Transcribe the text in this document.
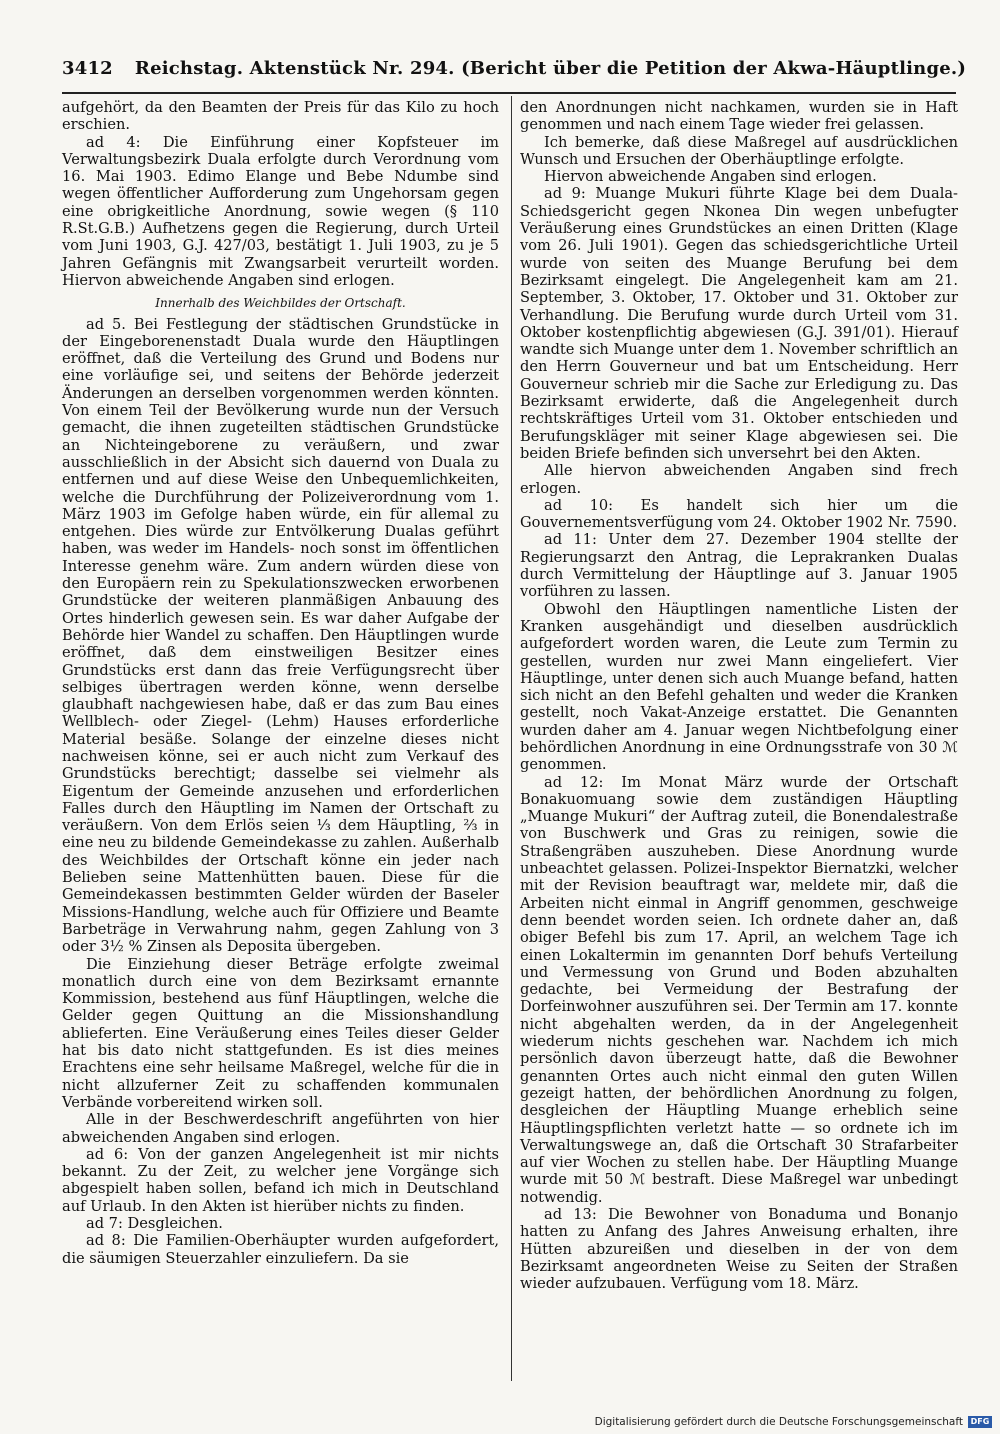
3412 Reichstag. Aktenstück Nr. 294. (Bericht über die Petition der Akwa-Häuptlinge.)

aufgehört, da den Beamten der Preis für das Kilo zu hoch erschien.

ad 4: Die Einführung einer Kopfsteuer im Verwaltungsbezirk Duala erfolgte durch Verordnung vom 16. Mai 1903. Edimo Elange und Bebe Ndumbe sind wegen öffentlicher Aufforderung zum Ungehorsam gegen eine obrigkeitliche Anordnung, sowie wegen (§ 110 R.St.G.B.) Aufhetzens gegen die Regierung, durch Urteil vom Juni 1903, G.J. 427/03, bestätigt 1. Juli 1903, zu je 5 Jahren Gefängnis mit Zwangsarbeit verurteilt worden. Hiervon abweichende Angaben sind erlogen.

Innerhalb des Weichbildes der Ortschaft.

ad 5. Bei Festlegung der städtischen Grundstücke in der Eingeborenenstadt Duala wurde den Häuptlingen eröffnet, daß die Verteilung des Grund und Bodens nur eine vorläufige sei, und seitens der Behörde jederzeit Änderungen an derselben vorgenommen werden könnten. Von einem Teil der Bevölkerung wurde nun der Versuch gemacht, die ihnen zugeteilten städtischen Grundstücke an Nichteingeborene zu veräußern, und zwar ausschließlich in der Absicht sich dauernd von Duala zu entfernen und auf diese Weise den Unbequemlichkeiten, welche die Durchführung der Polizeiverordnung vom 1. März 1903 im Gefolge haben würde, ein für allemal zu entgehen. Dies würde zur Entvölkerung Dualas geführt haben, was weder im Handels- noch sonst im öffentlichen Interesse genehm wäre. Zum andern würden diese von den Europäern rein zu Spekulationszwecken erworbenen Grundstücke der weiteren planmäßigen Anbauung des Ortes hinderlich gewesen sein. Es war daher Aufgabe der Behörde hier Wandel zu schaffen. Den Häuptlingen wurde eröffnet, daß dem einstweiligen Besitzer eines Grundstücks erst dann das freie Verfügungsrecht über selbiges übertragen werden könne, wenn derselbe glaubhaft nachgewiesen habe, daß er das zum Bau eines Wellblech- oder Ziegel- (Lehm) Hauses erforderliche Material besäße. Solange der einzelne dieses nicht nachweisen könne, sei er auch nicht zum Verkauf des Grundstücks berechtigt; dasselbe sei vielmehr als Eigentum der Gemeinde anzusehen und erforderlichen Falles durch den Häuptling im Namen der Ortschaft zu veräußern. Von dem Erlös seien ⅓ dem Häuptling, ⅔ in eine neu zu bildende Gemeindekasse zu zahlen. Außerhalb des Weichbildes der Ortschaft könne ein jeder nach Belieben seine Mattenhütten bauen. Diese für die Gemeindekassen bestimmten Gelder würden der Baseler Missions-Handlung, welche auch für Offiziere und Beamte Barbeträge in Verwahrung nahm, gegen Zahlung von 3 oder 3½ % Zinsen als Deposita übergeben.

Die Einziehung dieser Beträge erfolgte zweimal monatlich durch eine von dem Bezirksamt ernannte Kommission, bestehend aus fünf Häuptlingen, welche die Gelder gegen Quittung an die Missionshandlung ablieferten. Eine Veräußerung eines Teiles dieser Gelder hat bis dato nicht stattgefunden. Es ist dies meines Erachtens eine sehr heilsame Maßregel, welche für die in nicht allzuferner Zeit zu schaffenden kommunalen Verbände vorbereitend wirken soll.

Alle in der Beschwerdeschrift angeführten von hier abweichenden Angaben sind erlogen.

ad 6: Von der ganzen Angelegenheit ist mir nichts bekannt. Zu der Zeit, zu welcher jene Vorgänge sich abgespielt haben sollen, befand ich mich in Deutschland auf Urlaub. In den Akten ist hierüber nichts zu finden.

ad 7: Desgleichen.

ad 8: Die Familien-Oberhäupter wurden aufgefordert, die säumigen Steuerzahler einzuliefern. Da sie

den Anordnungen nicht nachkamen, wurden sie in Haft genommen und nach einem Tage wieder frei gelassen.

Ich bemerke, daß diese Maßregel auf ausdrücklichen Wunsch und Ersuchen der Oberhäuptlinge erfolgte.

Hiervon abweichende Angaben sind erlogen.

ad 9: Muange Mukuri führte Klage bei dem Duala-Schiedsgericht gegen Nkonea Din wegen unbefugter Veräußerung eines Grundstückes an einen Dritten (Klage vom 26. Juli 1901). Gegen das schiedsgerichtliche Urteil wurde von seiten des Muange Berufung bei dem Bezirksamt eingelegt. Die Angelegenheit kam am 21. September, 3. Oktober, 17. Oktober und 31. Oktober zur Verhandlung. Die Berufung wurde durch Urteil vom 31. Oktober kostenpflichtig abgewiesen (G.J. 391/01). Hierauf wandte sich Muange unter dem 1. November schriftlich an den Herrn Gouverneur und bat um Entscheidung. Herr Gouverneur schrieb mir die Sache zur Erledigung zu. Das Bezirksamt erwiderte, daß die Angelegenheit durch rechtskräftiges Urteil vom 31. Oktober entschieden und Berufungskläger mit seiner Klage abgewiesen sei. Die beiden Briefe befinden sich unversehrt bei den Akten.

Alle hiervon abweichenden Angaben sind frech erlogen.

ad 10: Es handelt sich hier um die Gouvernementsverfügung vom 24. Oktober 1902 Nr. 7590.

ad 11: Unter dem 27. Dezember 1904 stellte der Regierungsarzt den Antrag, die Leprakranken Dualas durch Vermittelung der Häuptlinge auf 3. Januar 1905 vorführen zu lassen.

Obwohl den Häuptlingen namentliche Listen der Kranken ausgehändigt und dieselben ausdrücklich aufgefordert worden waren, die Leute zum Termin zu gestellen, wurden nur zwei Mann eingeliefert. Vier Häuptlinge, unter denen sich auch Muange befand, hatten sich nicht an den Befehl gehalten und weder die Kranken gestellt, noch Vakat-Anzeige erstattet. Die Genannten wurden daher am 4. Januar wegen Nichtbefolgung einer behördlichen Anordnung in eine Ordnungsstrafe von 30 ℳ genommen.

ad 12: Im Monat März wurde der Ortschaft Bonakuomuang sowie dem zuständigen Häuptling „Muange Mukuri“ der Auftrag zuteil, die Bonendalestraße von Buschwerk und Gras zu reinigen, sowie die Straßengräben auszuheben. Diese Anordnung wurde unbeachtet gelassen. Polizei-Inspektor Biernatzki, welcher mit der Revision beauftragt war, meldete mir, daß die Arbeiten nicht einmal in Angriff genommen, geschweige denn beendet worden seien. Ich ordnete daher an, daß obiger Befehl bis zum 17. April, an welchem Tage ich einen Lokaltermin im genannten Dorf behufs Verteilung und Vermessung von Grund und Boden abzuhalten gedachte, bei Vermeidung der Bestrafung der Dorfeinwohner auszuführen sei. Der Termin am 17. konnte nicht abgehalten werden, da in der Angelegenheit wiederum nichts geschehen war. Nachdem ich mich persönlich davon überzeugt hatte, daß die Bewohner genannten Ortes auch nicht einmal den guten Willen gezeigt hatten, der behördlichen Anordnung zu folgen, desgleichen der Häuptling Muange erheblich seine Häuptlingspflichten verletzt hatte — so ordnete ich im Verwaltungswege an, daß die Ortschaft 30 Strafarbeiter auf vier Wochen zu stellen habe. Der Häuptling Muange wurde mit 50 ℳ bestraft. Diese Maßregel war unbedingt notwendig.

ad 13: Die Bewohner von Bonaduma und Bonanjo hatten zu Anfang des Jahres Anweisung erhalten, ihre Hütten abzureißen und dieselben in der von dem Bezirksamt angeordneten Weise zu Seiten der Straßen wieder aufzubauen. Verfügung vom 18. März.

Digitalisierung gefördert durch die Deutsche Forschungsgemeinschaft DFG
